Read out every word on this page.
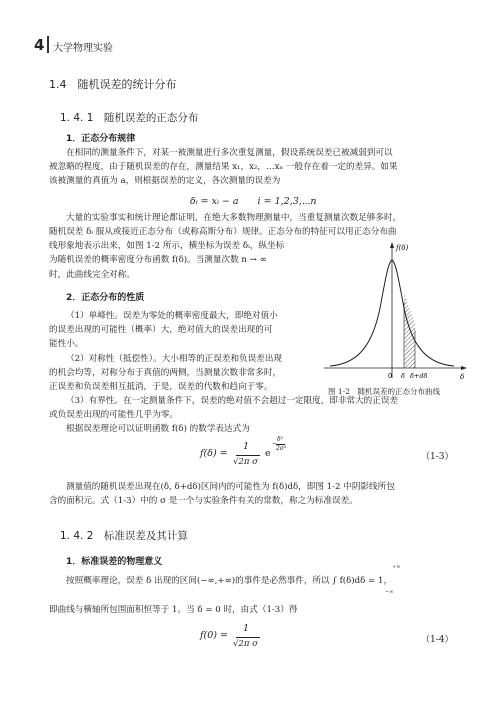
4 大学物理实验
1.4　随机误差的统计分布
1. 4. 1　随机误差的正态分布
1．正态分布规律
在相同的测量条件下，对某一被测量进行多次重复测量，假设系统误差已被减弱到可以
被忽略的程度，由于随机误差的存在，测量结果 x₁，x₂，…xₙ 一般存在着一定的差异。如果
该被测量的真值为 a，则根据误差的定义，各次测量的误差为
δᵢ = xᵢ − a　　i = 1,2,3,⋯n
大量的实验事实和统计理论都证明，在绝大多数物理测量中，当重复测量次数足够多时，
随机误差 δᵢ 服从或接近正态分布（或称高斯分布）规律。正态分布的特征可以用正态分布曲
线形象地表示出来，如图 1-2 所示，横坐标为误差 δᵢ，纵坐标
为随机误差的概率密度分布函数 f(δ)。当测量次数 n → ∞
时，此曲线完全对称。
2．正态分布的性质
（1）单峰性。误差为零处的概率密度最大，即绝对值小
的误差出现的可能性（概率）大，绝对值大的误差出现的可
能性小。
（2）对称性（抵偿性）。大小相等的正误差和负误差出现
的机会均等，对称分布于真值的两侧，当测量次数非常多时，
正误差和负误差相互抵消，于是，误差的代数和趋向于零。
（3）有界性。在一定测量条件下，误差的绝对值不会超过一定限度，即非常大的正误差
或负误差出现的可能性几乎为零。
根据误差理论可以证明函数 f(δ) 的数学表达式为
f(δ) =
1
√2π σ
e
−
δ²
2σ²
（1-3）
测量值的随机误差出现在(δ, δ+dδ)区间内的可能性为 f(δ)dδ，即图 1-2 中阴影线所包
含的面积元。式（1-3）中的 σ 是一个与实验条件有关的常数，称之为标准误差。
1. 4. 2　标准误差及其计算
1．标准误差的物理意义
按照概率理论，误差 δ 出现的区间(−∞,+∞)的事件是必然事件，所以 ∫ f(δ)dδ = 1，
+∞
−∞
即曲线与横轴所包围面积恒等于 1。当 δ = 0 时，由式（1-3）得
f(0) =
1
√2π σ	（1-4）
f(δ)
δ
0 δ δ+dδ
图 1-2　随机误差的正态分布曲线
